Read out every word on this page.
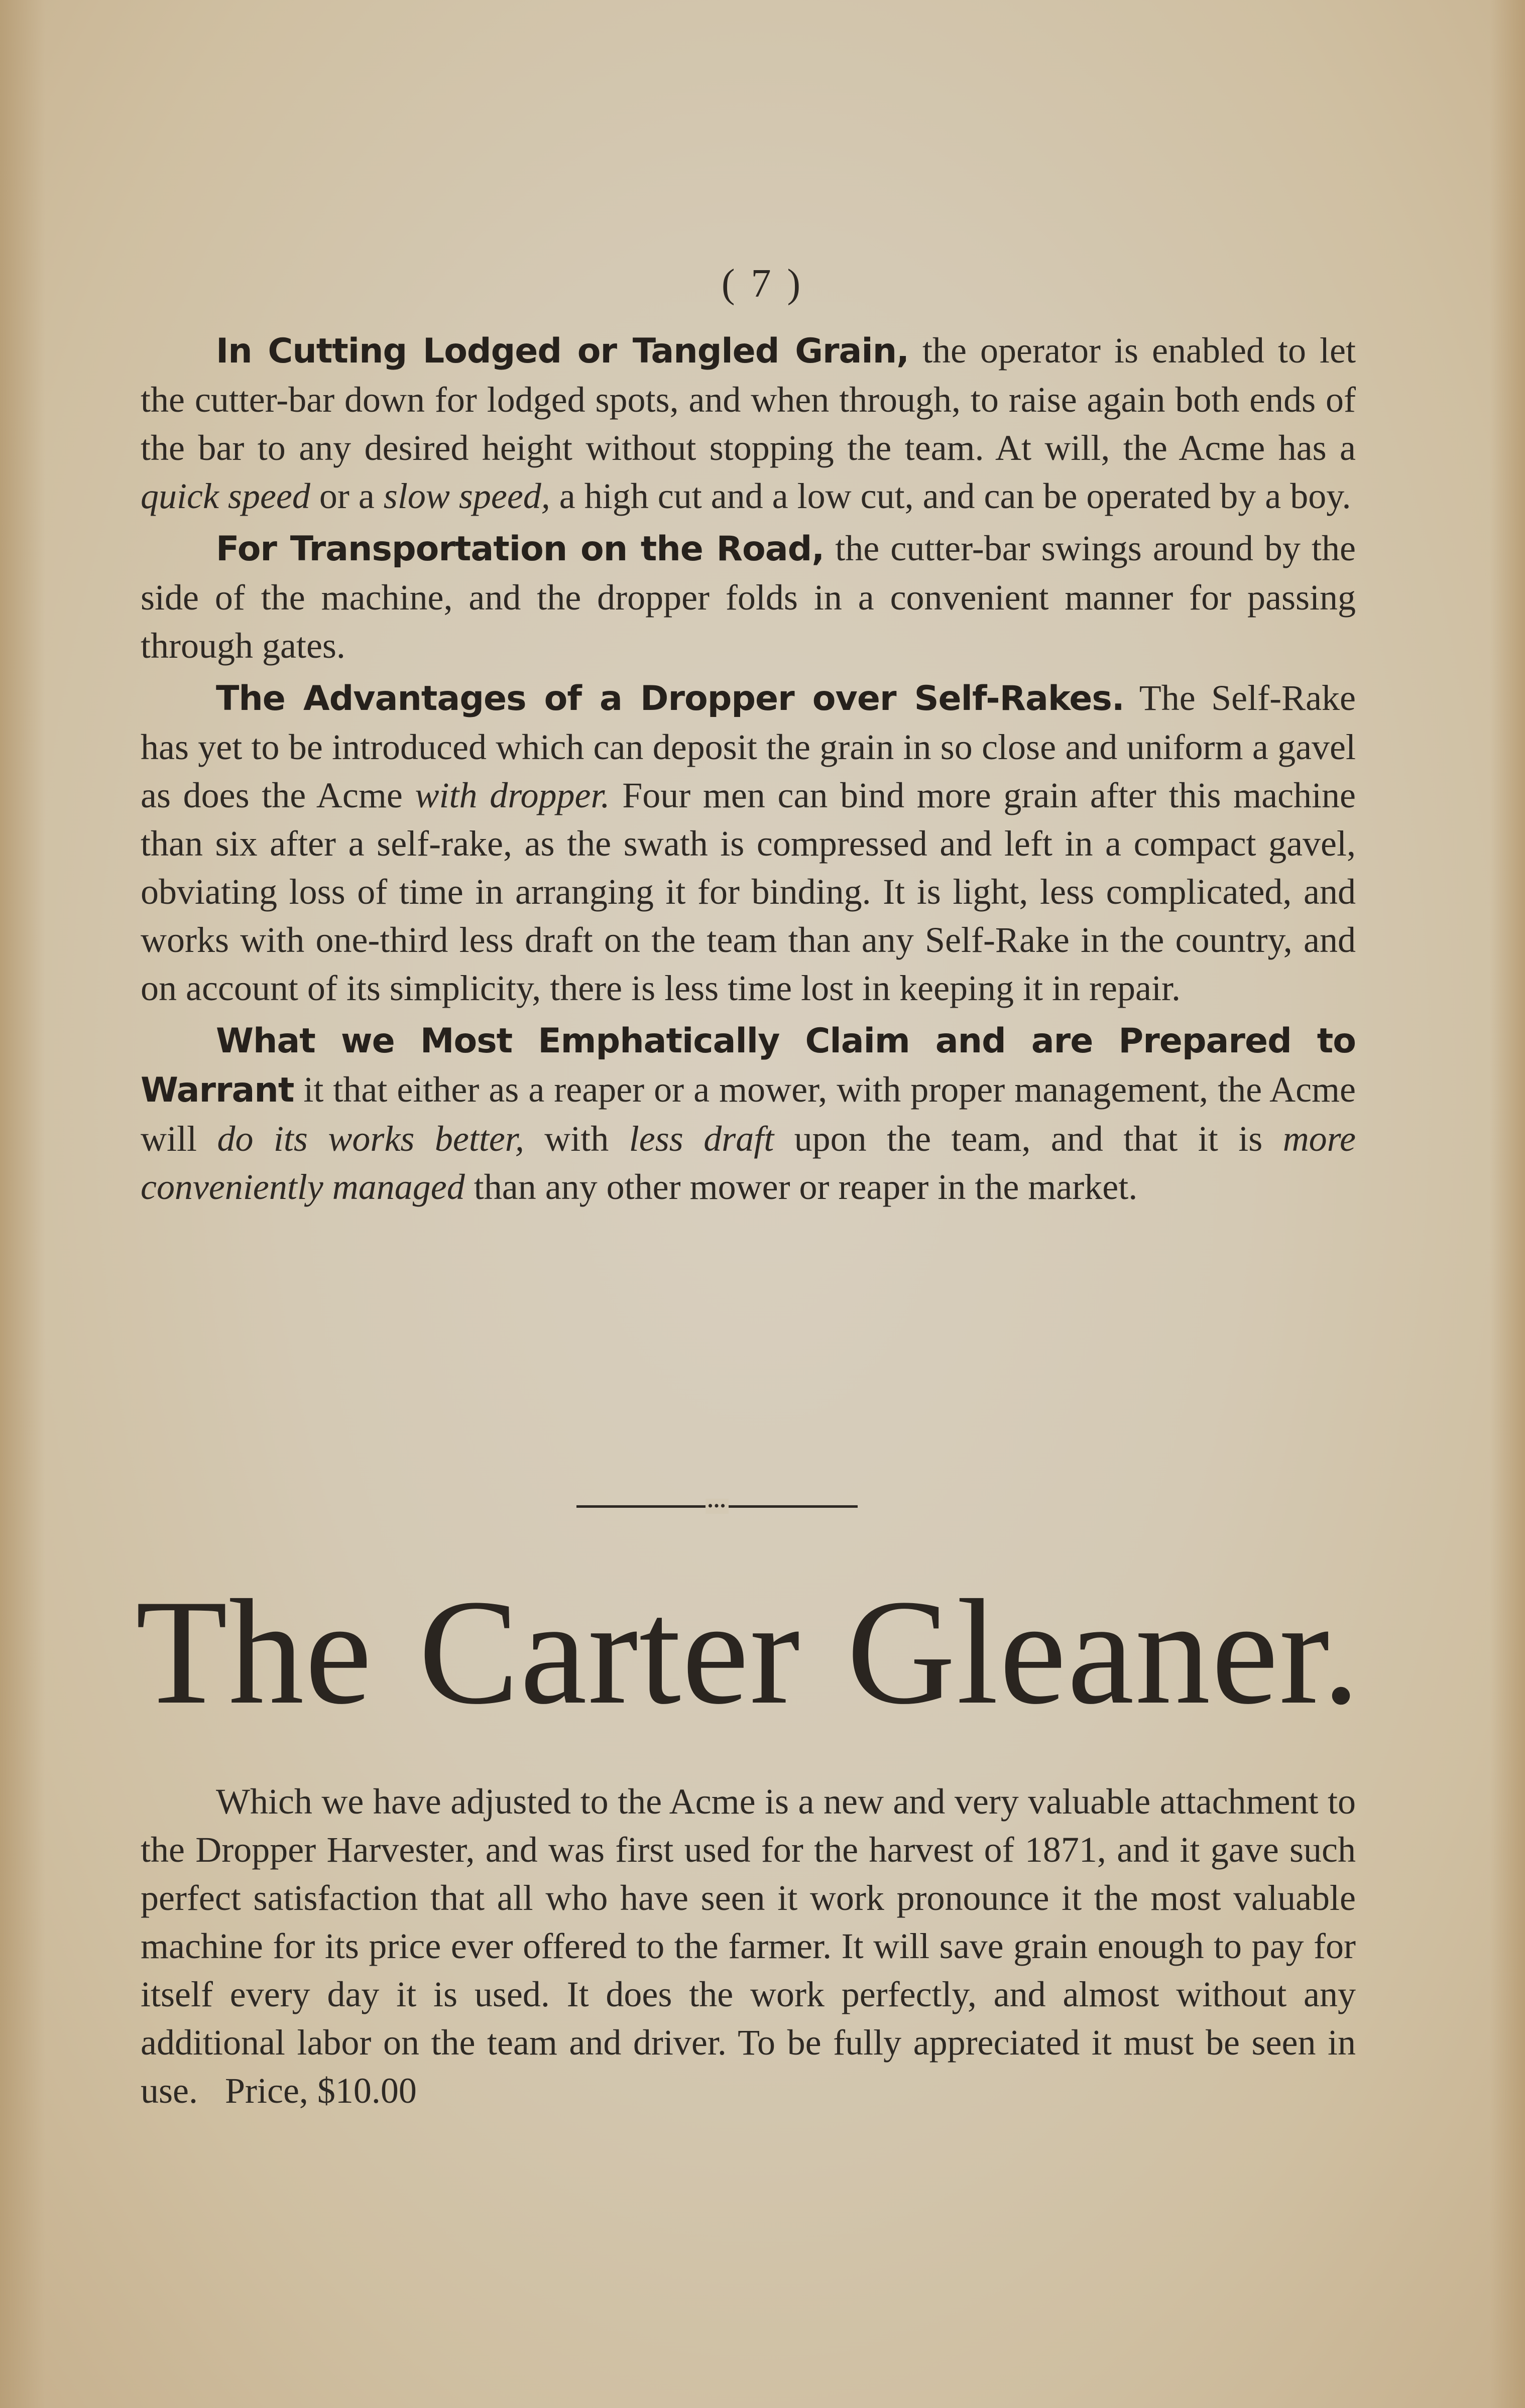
( 7 )

In Cutting Lodged or Tangled Grain, the operator is enabled to let the cutter-bar down for lodged spots, and when through, to raise again both ends of the bar to any desired height without stopping the team. At will, the Acme has a quick speed or a slow speed, a high cut and a low cut, and can be operated by a boy.

For Transportation on the Road, the cutter-bar swings around by the side of the machine, and the dropper folds in a convenient manner for passing through gates.

The Advantages of a Dropper over Self-Rakes. The Self-Rake has yet to be introduced which can deposit the grain in so close and uniform a gavel as does the Acme with dropper. Four men can bind more grain after this machine than six after a self-rake, as the swath is compressed and left in a compact gavel, obviating loss of time in arranging it for binding. It is light, less complicated, and works with one-third less draft on the team than any Self-Rake in the country, and on account of its simplicity, there is less time lost in keeping it in repair.

What we Most Emphatically Claim and are Prepared to Warrant it that either as a reaper or a mower, with proper management, the Acme will do its works better, with less draft upon the team, and that it is more conveniently managed than any other mower or reaper in the market.

•••
The Carter Gleaner.

Which we have adjusted to the Acme is a new and very valuable attachment to the Dropper Harvester, and was first used for the harvest of 1871, and it gave such perfect satisfaction that all who have seen it work pronounce it the most valuable machine for its price ever offered to the farmer. It will save grain enough to pay for itself every day it is used. It does the work perfectly, and almost without any additional labor on the team and driver. To be fully appreciated it must be seen in use. Price, $10.00
